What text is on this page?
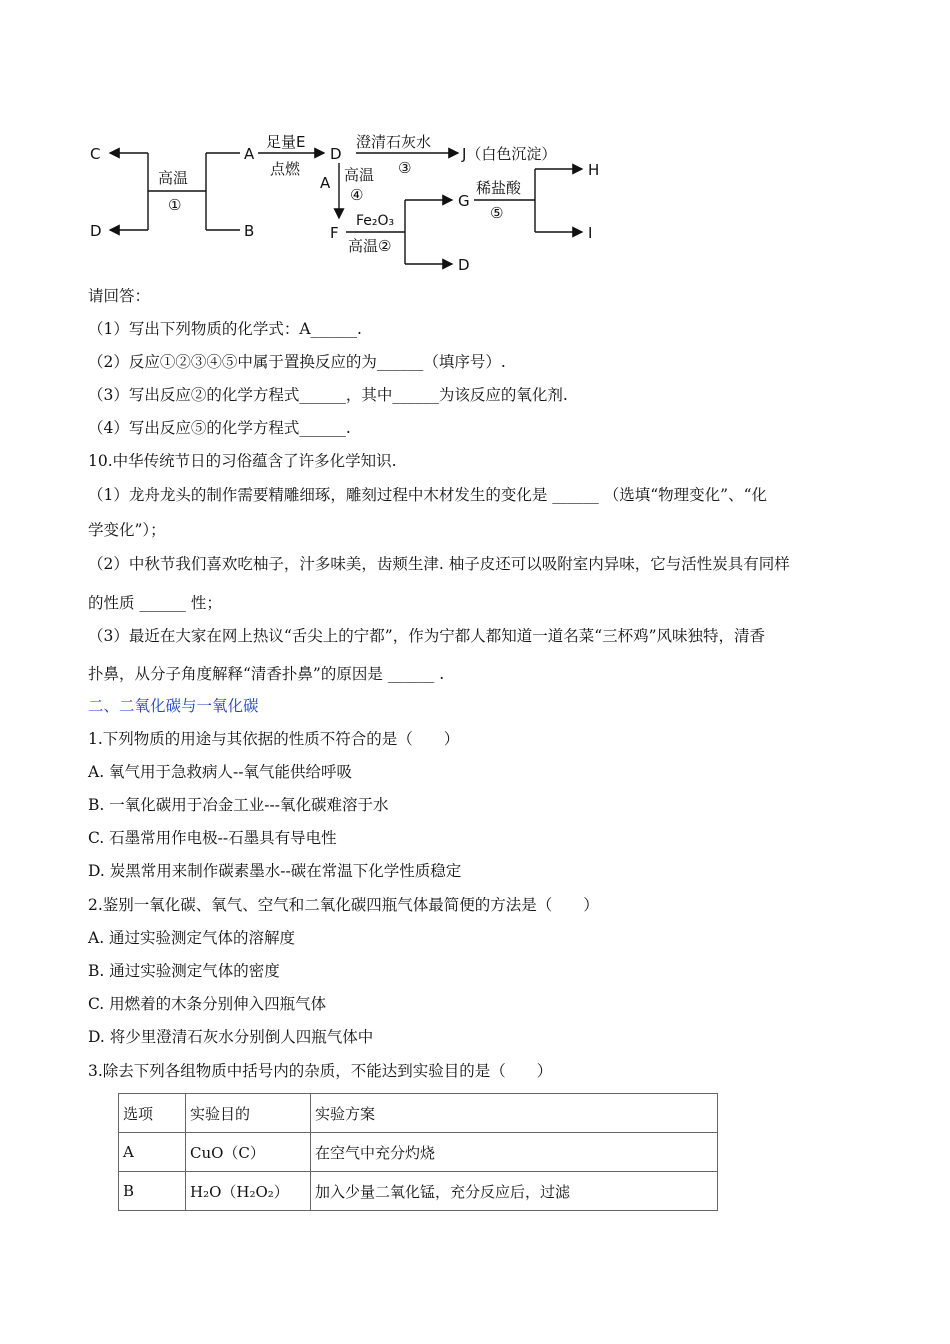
C
D
A
B
D	J（白色沉淀）
A
F
G
H
I
D
高温
①
足量E
点燃
澄清石灰水
③
高温
④
Fe₂O₃
高温②
稀盐酸
⑤
请回答：
（1）写出下列物质的化学式：A______.
（2）反应①②③④⑤中属于置换反应的为______（填序号）.
（3）写出反应②的化学方程式______，其中______为该反应的氧化剂.
（4）写出反应⑤的化学方程式______.
10.中华传统节日的习俗蕴含了许多化学知识.
（1）龙舟龙头的制作需要精雕细琢，雕刻过程中木材发生的变化是 ______ （选填“物理变化”、“化
学变化”）；
（2）中秋节我们喜欢吃柚子，汁多味美，齿颊生津. 柚子皮还可以吸附室内异味，它与活性炭具有同样
的性质 ______ 性；
（3）最近在大家在网上热议“舌尖上的宁都”，作为宁都人都知道一道名菜“三杯鸡”风味独特，清香
扑鼻，从分子角度解释“清香扑鼻”的原因是 ______ .
二、二氧化碳与一氧化碳
1.下列物质的用途与其依据的性质不符合的是（　　）
A. 氧气用于急救病人--氧气能供给呼吸
B. 一氧化碳用于冶金工业---氧化碳难溶于水
C. 石墨常用作电极--石墨具有导电性
D. 炭黑常用来制作碳素墨水--碳在常温下化学性质稳定
2.鉴别一氧化碳、氧气、空气和二氧化碳四瓶气体最简便的方法是（　　）
A. 通过实验测定气体的溶解度
B. 通过实验测定气体的密度
C. 用燃着的木条分别伸入四瓶气体
D. 将少里澄清石灰水分别倒人四瓶气体中
3.除去下列各组物质中括号内的杂质，不能达到实验目的是（　　）
选项	实验目的	实验方案
A	CuO（C）	在空气中充分灼烧
B	H₂O（H₂O₂）	加入少量二氧化锰，充分反应后，过滤
